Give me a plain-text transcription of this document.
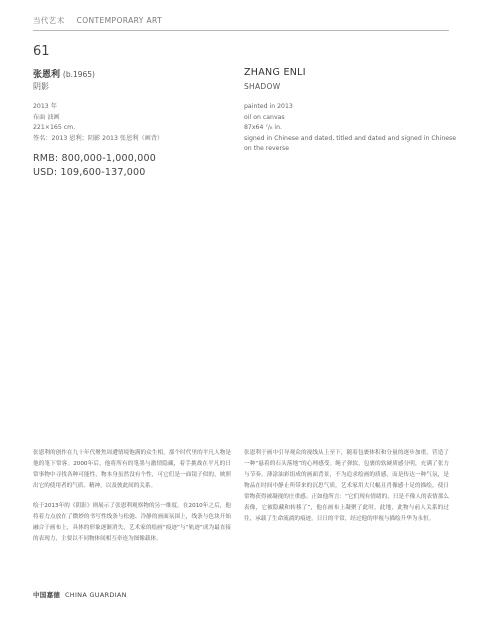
当代艺术 CONTEMPORARY ART
61
张恩利 (b.1965)
阴影
ZHANG ENLI
SHADOW
2013 年
布面 油画
221×165 cm.
签名：2013 恩利；阴影 2013 张恩利（画背）
painted in 2013
oil on canvas
87x64 ⁷/₈ in.
signed in Chinese and dated, titled and dated and signed in Chinese on the reverse
RMB: 800,000-1,000,000
USD: 109,600-137,000

张恩利的创作在九十年代聚焦周遭情境饱满的众生相，那个时代里的平凡人物是他的笔下常客。2000年后，他将所有的笔墨与激情隐藏，着手挑战在平凡的日常事物中寻找各种可能性，物本身虽然没有个性，可它们是一面镜子似的，映照出它的使用者的气质、精神，以及彼此间的关系。

绘于2013年的《阴影》则展示了张恩利观察物的另一维度。在2010年之后，他将着力点放在了微妙的书写性线条与松弛、冷静的画面氛围上，线条与色块开始融合于画布上，具体的形象逐渐消失，艺术家的绘画“痕迹”与“轨迹”成为最直接的表现力，主要以不同物体间相互牵连为图像载体。

张恩利于画中引导观众的视线从上至下，随着包裹体积和分量的逐步加重，营造了一种“悬着的石头落地”的心理感受。绳子弹软，包裹的软硬质感分明，充满了张力与节奏。薄涂油彩组成的画面背景，不为追求绘画的质感，而是传达一种气氛，是物品在时间中静止所带来的沉思气质。艺术家用大尺幅且肖像感十足的描绘，使日常物获得被凝视的庄重感。正如他所言：“它们现有情绪的，只是不像人的表情那么表像，它被隐藏和转移了”，他在画布上凝聚了此时，此地，此物与前人关系的过往，承载了生命流淌的痕迹，日日的平常，经过他的审视与描绘升华为永恒。

中国嘉德 CHINA GUARDIAN
